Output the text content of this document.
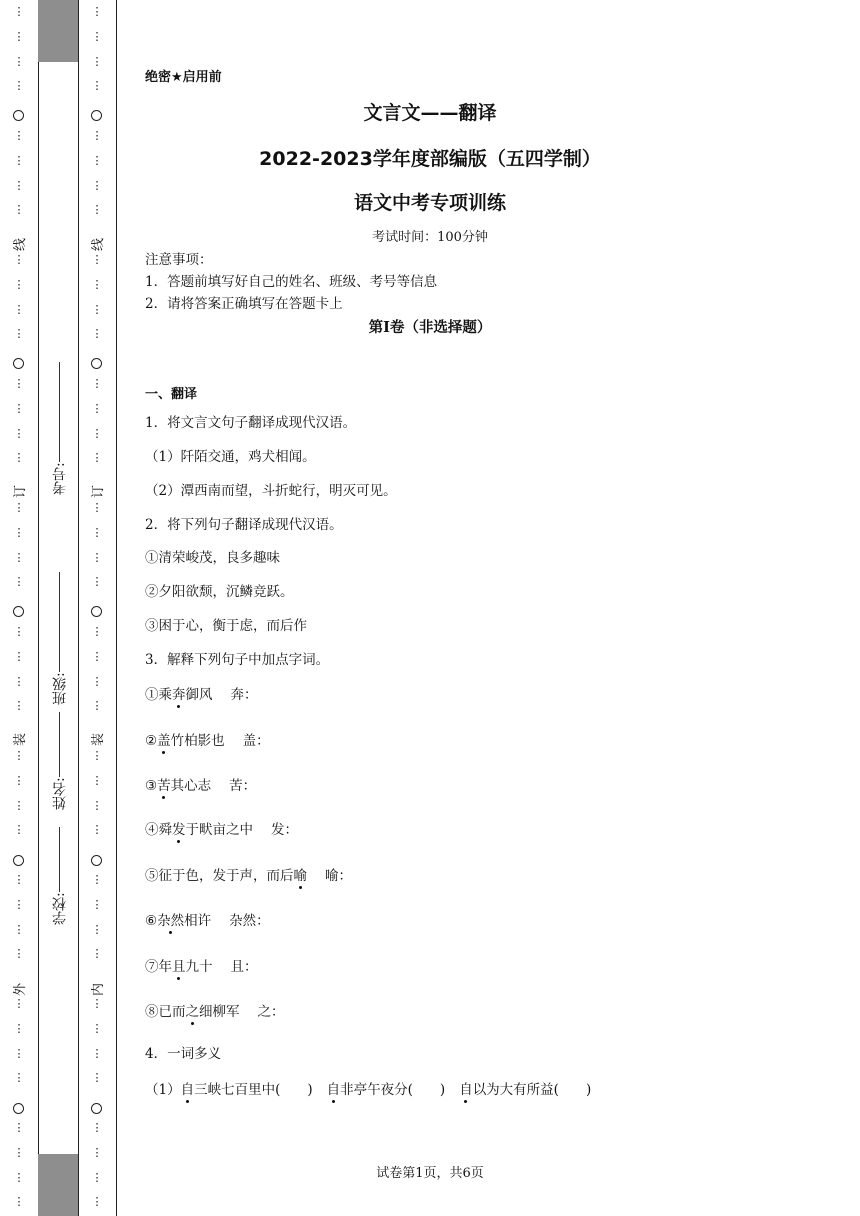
⋮
⋮
⋮
⋮
⋮
⋮
⋮
⋮
⋮
⋮
⋮
⋮
⋮
⋮
⋮
⋮
⋮
⋮
⋮
⋮
⋮
⋮
⋮
⋮
⋮
⋮
⋮
⋮
⋮
⋮
⋮
⋮
⋮
⋮
⋮
⋮
⋮
⋮
⋮
⋮
线
订
装
外
⋮
⋮
⋮
⋮
⋮
⋮
⋮
⋮
⋮
⋮
⋮
⋮
⋮
⋮
⋮
⋮
⋮
⋮
⋮
⋮
⋮
⋮
⋮
⋮
⋮
⋮
⋮
⋮
⋮
⋮
⋮
⋮
⋮
⋮
⋮
⋮
⋮
⋮
⋮
⋮
线
订
装
内
考号:
班级:
姓名:
学校:
绝密★启用前
文言文——翻译
2022-2023学年度部编版（五四学制）
语文中考专项训练
考试时间：100分钟
注意事项：
1．答题前填写好自己的姓名、班级、考号等信息
2．请将答案正确填写在答题卡上
第I卷（非选择题）
一、翻译
1．将文言文句子翻译成现代汉语。
（1）阡陌交通，鸡犬相闻。
（2）潭西南而望，斗折蛇行，明灭可见。
2．将下列句子翻译成现代汉语。
①清荣峻茂，良多趣味
②夕阳欲颓，沉鳞竞跃。
③困于心，衡于虑，而后作
3．解释下列句子中加点字词。
①乘奔御风 奔：
②盖竹柏影也 盖：
③苦其心志 苦：
④舜发于畎亩之中 发：
⑤征于色，发于声，而后喻 喻：
⑥杂然相许 杂然：
⑦年且九十 且：
⑧已而之细柳军 之：
4．一词多义
（1）自三峡七百里中(　　) 自非亭午夜分(　　) 自以为大有所益(　　)
试卷第1页，共6页
